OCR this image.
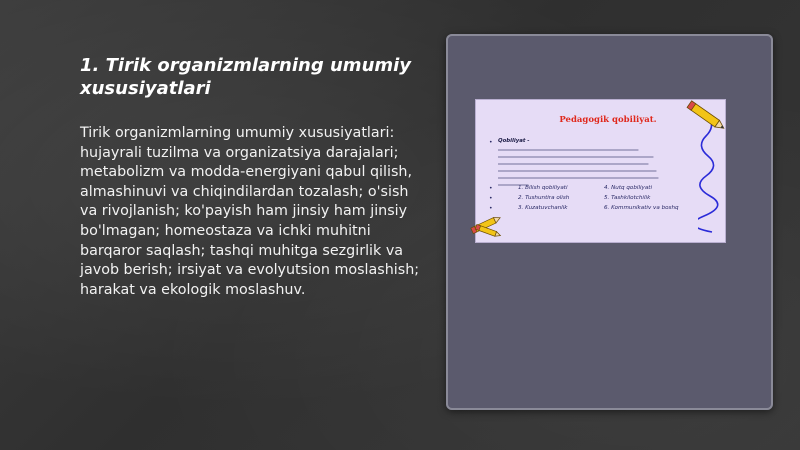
1. Tirik organizmlarning umumiy xususiyatlari

Tirik organizmlarning umumiy xususiyatlari: hujayrali tuzilma va organizatsiya darajalari; metabolizm va modda-energiyani qabul qilish, almashinuvi va chiqindilardan tozalash; o'sish va rivojlanish; ko'payish ham jinsiy ham jinsiy bo'lmagan; homeostaza va ichki muhitni barqaror saqlash; tashqi muhitga sezgirlik va javob berish; irsiyat va evolyutsion moslashish; harakat va ekologik moslashuv.

Pedagogik qobiliyat.
• Qobiliyat -
•
•
•
1. Bilish qobiliyati	4. Nutq qobiliyati
2. Tushuntira olish	5. Tashkilotchilik
3. Kuzatuvchanlik	6. Kommunikativ va boshq
